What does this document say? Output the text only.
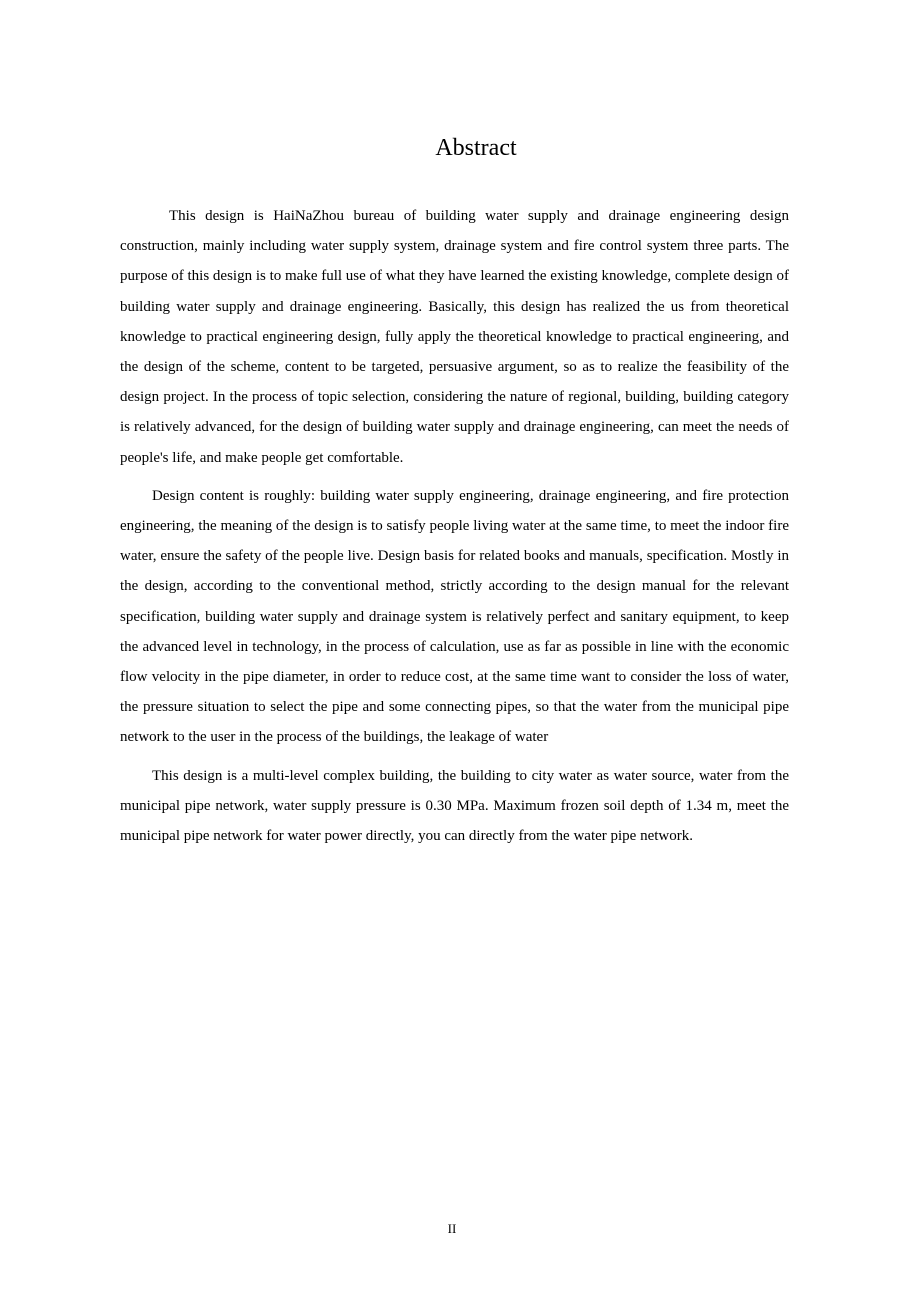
Abstract

This design is HaiNaZhou bureau of building water supply and drainage engineering design construction, mainly including water supply system, drainage system and fire control system three parts. The purpose of this design is to make full use of what they have learned the existing knowledge, complete design of building water supply and drainage engineering. Basically, this design has realized the us from theoretical knowledge to practical engineering design, fully apply the theoretical knowledge to practical engineering, and the design of the scheme, content to be targeted, persuasive argument, so as to realize the feasibility of the design project. In the process of topic selection, considering the nature of regional, building, building category is relatively advanced, for the design of building water supply and drainage engineering, can meet the needs of people's life, and make people get comfortable.

Design content is roughly: building water supply engineering, drainage engineering, and fire protection engineering, the meaning of the design is to satisfy people living water at the same time, to meet the indoor fire water, ensure the safety of the people live. Design basis for related books and manuals, specification. Mostly in the design, according to the conventional method, strictly according to the design manual for the relevant specification, building water supply and drainage system is relatively perfect and sanitary equipment, to keep the advanced level in technology, in the process of calculation, use as far as possible in line with the economic flow velocity in the pipe diameter, in order to reduce cost, at the same time want to consider the loss of water, the pressure situation to select the pipe and some connecting pipes, so that the water from the municipal pipe network to the user in the process of the buildings, the leakage of water

This design is a multi-level complex building, the building to city water as water source, water from the municipal pipe network, water supply pressure is 0.30 MPa. Maximum frozen soil depth of 1.34 m, meet the municipal pipe network for water power directly, you can directly from the water pipe network.

II
